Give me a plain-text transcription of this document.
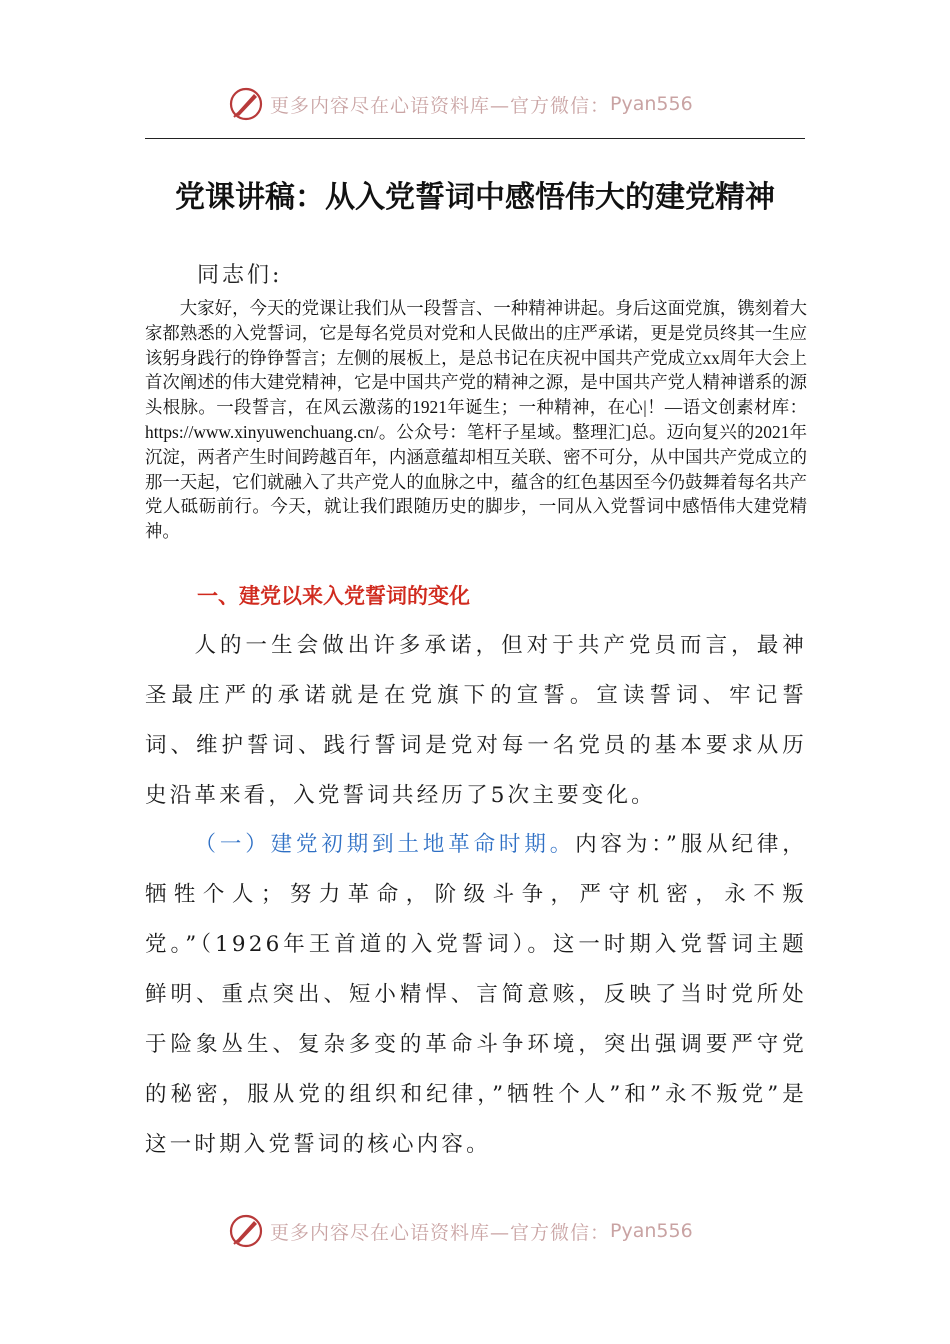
更多内容尽在心语资料库—官方微信： Pyan556
党课讲稿：从入党誓词中感悟伟大的建党精神
同志们:

大家好，今天的党课让我们从一段誓言、一种精神讲起。身后这面党旗，镌刻着大家都熟悉的入党誓词，它是每名党员对党和人民做出的庄严承诺，更是党员终其一生应该躬身践行的铮铮誓言；左侧的展板上，是总书记在庆祝中国共产党成立xx周年大会上首次阐述的伟大建党精神，它是中国共产党的精神之源，是中国共产党人精神谱系的源头根脉。一段誓言，在风云激荡的1921年诞生；一种精神，在心|！—语文创素材库：https://www.xinyuwenchuang.cn/。公众号：笔杆子星域。整理汇]总。迈向复兴的2021年沉淀，两者产生时间跨越百年，内涵意蕴却相互关联、密不可分，从中国共产党成立的那一天起，它们就融入了共产党人的血脉之中，蕴含的红色基因至今仍鼓舞着每名共产党人砥砺前行。今天，就让我们跟随历史的脚步，一同从入党誓词中感悟伟大建党精神。

一、建党以来入党誓词的变化

人的一生会做出许多承诺，但对于共产党员而言，最神圣最庄严的承诺就是在党旗下的宣誓。宣读誓词、牢记誓词、维护誓词、践行誓词是党对每一名党员的基本要求从历史沿革来看，入党誓词共经历了5次主要变化。

（一）建党初期到土地革命时期。内容为：”服从纪律，牺牲个人；努力革命，阶级斗争，严守机密，永不叛党。”（1926年王首道的入党誓词）。这一时期入党誓词主题鲜明、重点突出、短小精悍、言简意赅，反映了当时党所处于险象丛生、复杂多变的革命斗争环境，突出强调要严守党的秘密，服从党的组织和纪律，”牺牲个人”和”永不叛党”是这一时期入党誓词的核心内容。

更多内容尽在心语资料库—官方微信： Pyan556
